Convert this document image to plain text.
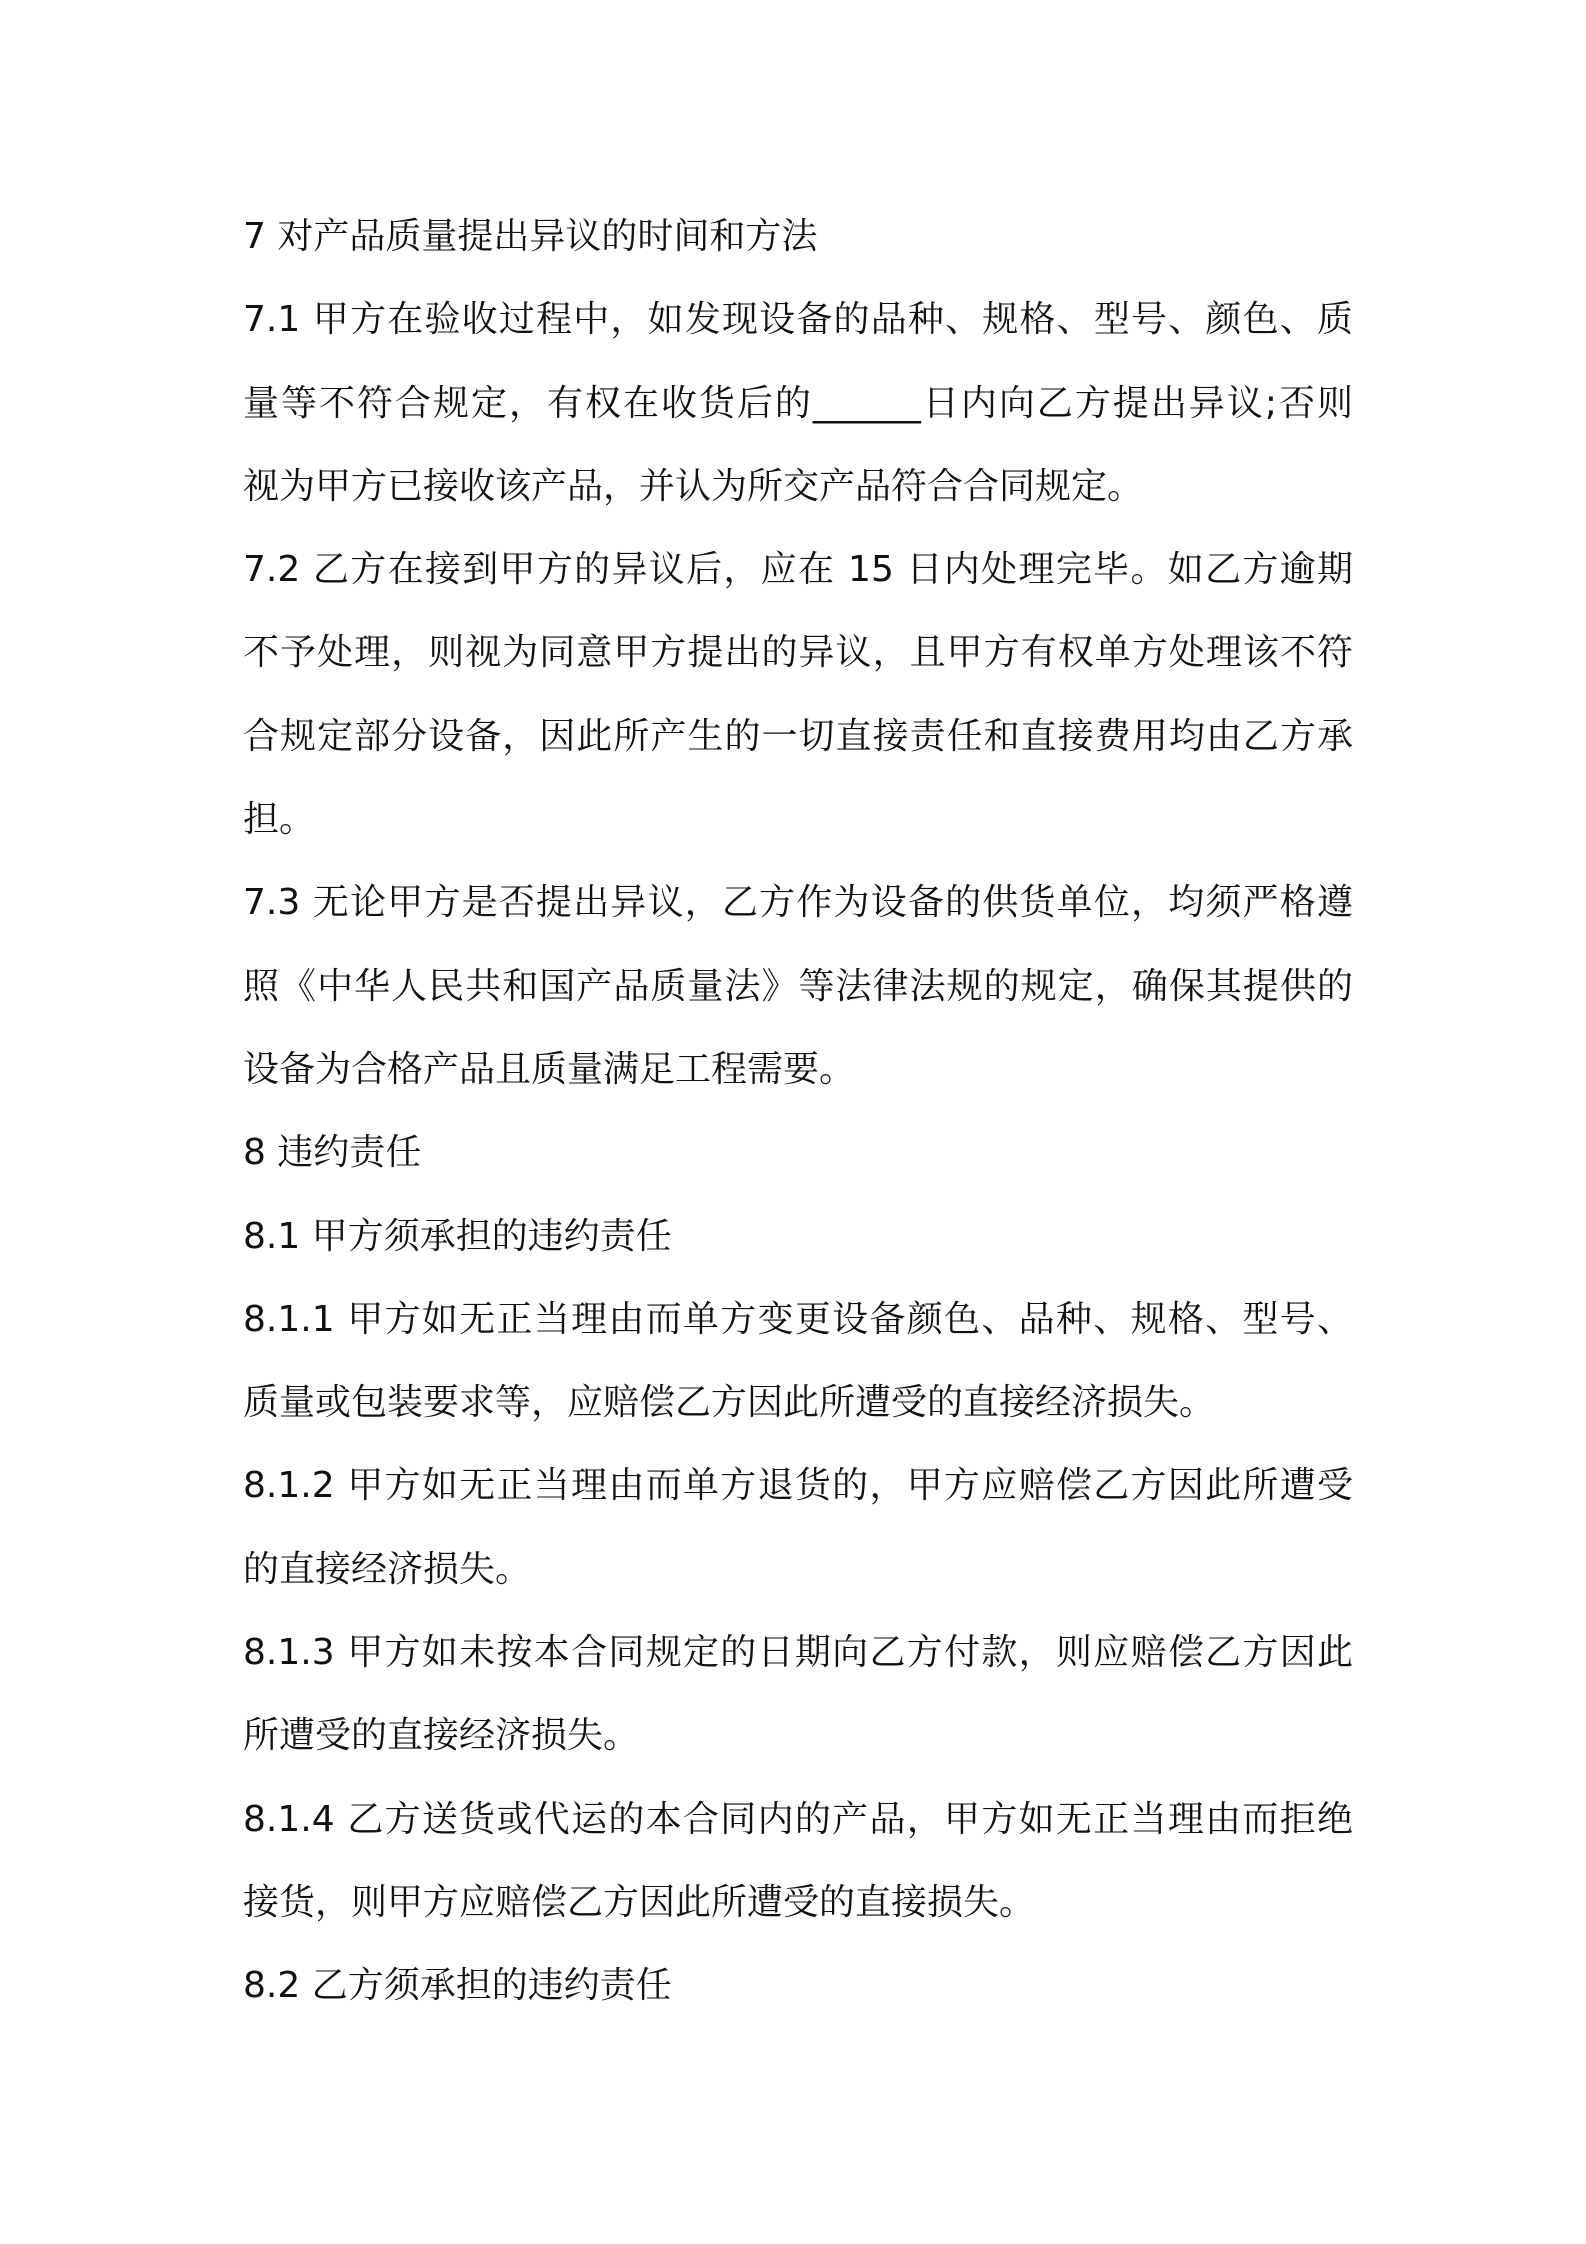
7 对产品质量提出异议的时间和方法
7.1 甲方在验收过程中，如发现设备的品种、规格、型号、颜色、质
量等不符合规定，有权在收货后的______日内向乙方提出异议;否则
视为甲方已接收该产品，并认为所交产品符合合同规定。
7.2 乙方在接到甲方的异议后，应在 15 日内处理完毕。如乙方逾期
不予处理，则视为同意甲方提出的异议，且甲方有权单方处理该不符
合规定部分设备，因此所产生的一切直接责任和直接费用均由乙方承
担。
7.3 无论甲方是否提出异议，乙方作为设备的供货单位，均须严格遵
照《中华人民共和国产品质量法》等法律法规的规定，确保其提供的
设备为合格产品且质量满足工程需要。
8 违约责任
8.1 甲方须承担的违约责任
8.1.1 甲方如无正当理由而单方变更设备颜色、品种、规格、型号、
质量或包装要求等，应赔偿乙方因此所遭受的直接经济损失。
8.1.2 甲方如无正当理由而单方退货的，甲方应赔偿乙方因此所遭受
的直接经济损失。
8.1.3 甲方如未按本合同规定的日期向乙方付款，则应赔偿乙方因此
所遭受的直接经济损失。
8.1.4 乙方送货或代运的本合同内的产品，甲方如无正当理由而拒绝
接货，则甲方应赔偿乙方因此所遭受的直接损失。
8.2 乙方须承担的违约责任
